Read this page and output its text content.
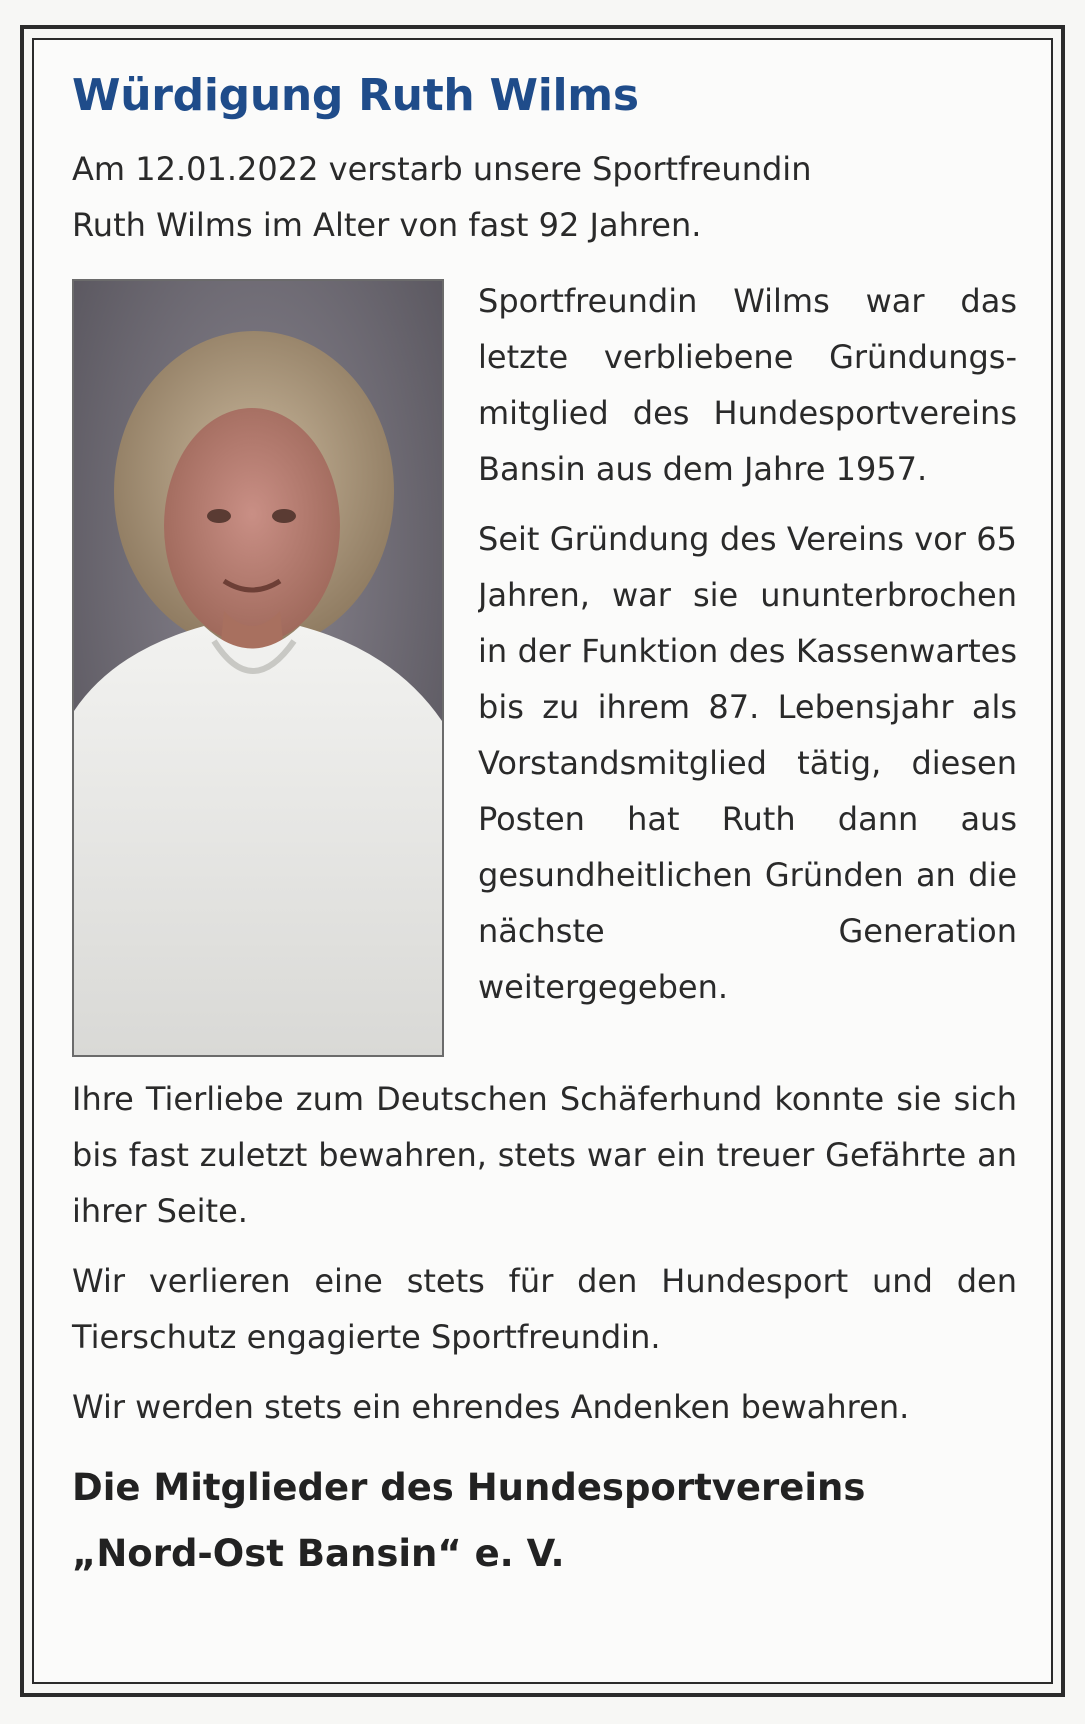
Würdigung Ruth Wilms

Am 12.01.2022 verstarb unsere Sportfreundin
Ruth Wilms im Alter von fast 92 Jahren.

Sportfreundin Wilms war das letzte verbliebene Gründungsmitglied des Hundesportvereins Bansin aus dem Jahre 1957.

Seit Gründung des Vereins vor 65 Jahren, war sie ununterbrochen in der Funktion des Kassenwartes bis zu ihrem 87. Lebensjahr als Vorstandsmitglied tätig, diesen Posten hat Ruth dann aus gesundheitlichen Gründen an die nächste Generation weitergegeben.

Ihre Tierliebe zum Deutschen Schäferhund konnte sie sich bis fast zuletzt bewahren, stets war ein treuer Gefährte an ihrer Seite.

Wir verlieren eine stets für den Hundesport und den Tierschutz engagierte Sportfreundin.

Wir werden stets ein ehrendes Andenken bewahren.

Die Mitglieder des Hundesportvereins
„Nord-Ost Bansin“ e. V.
